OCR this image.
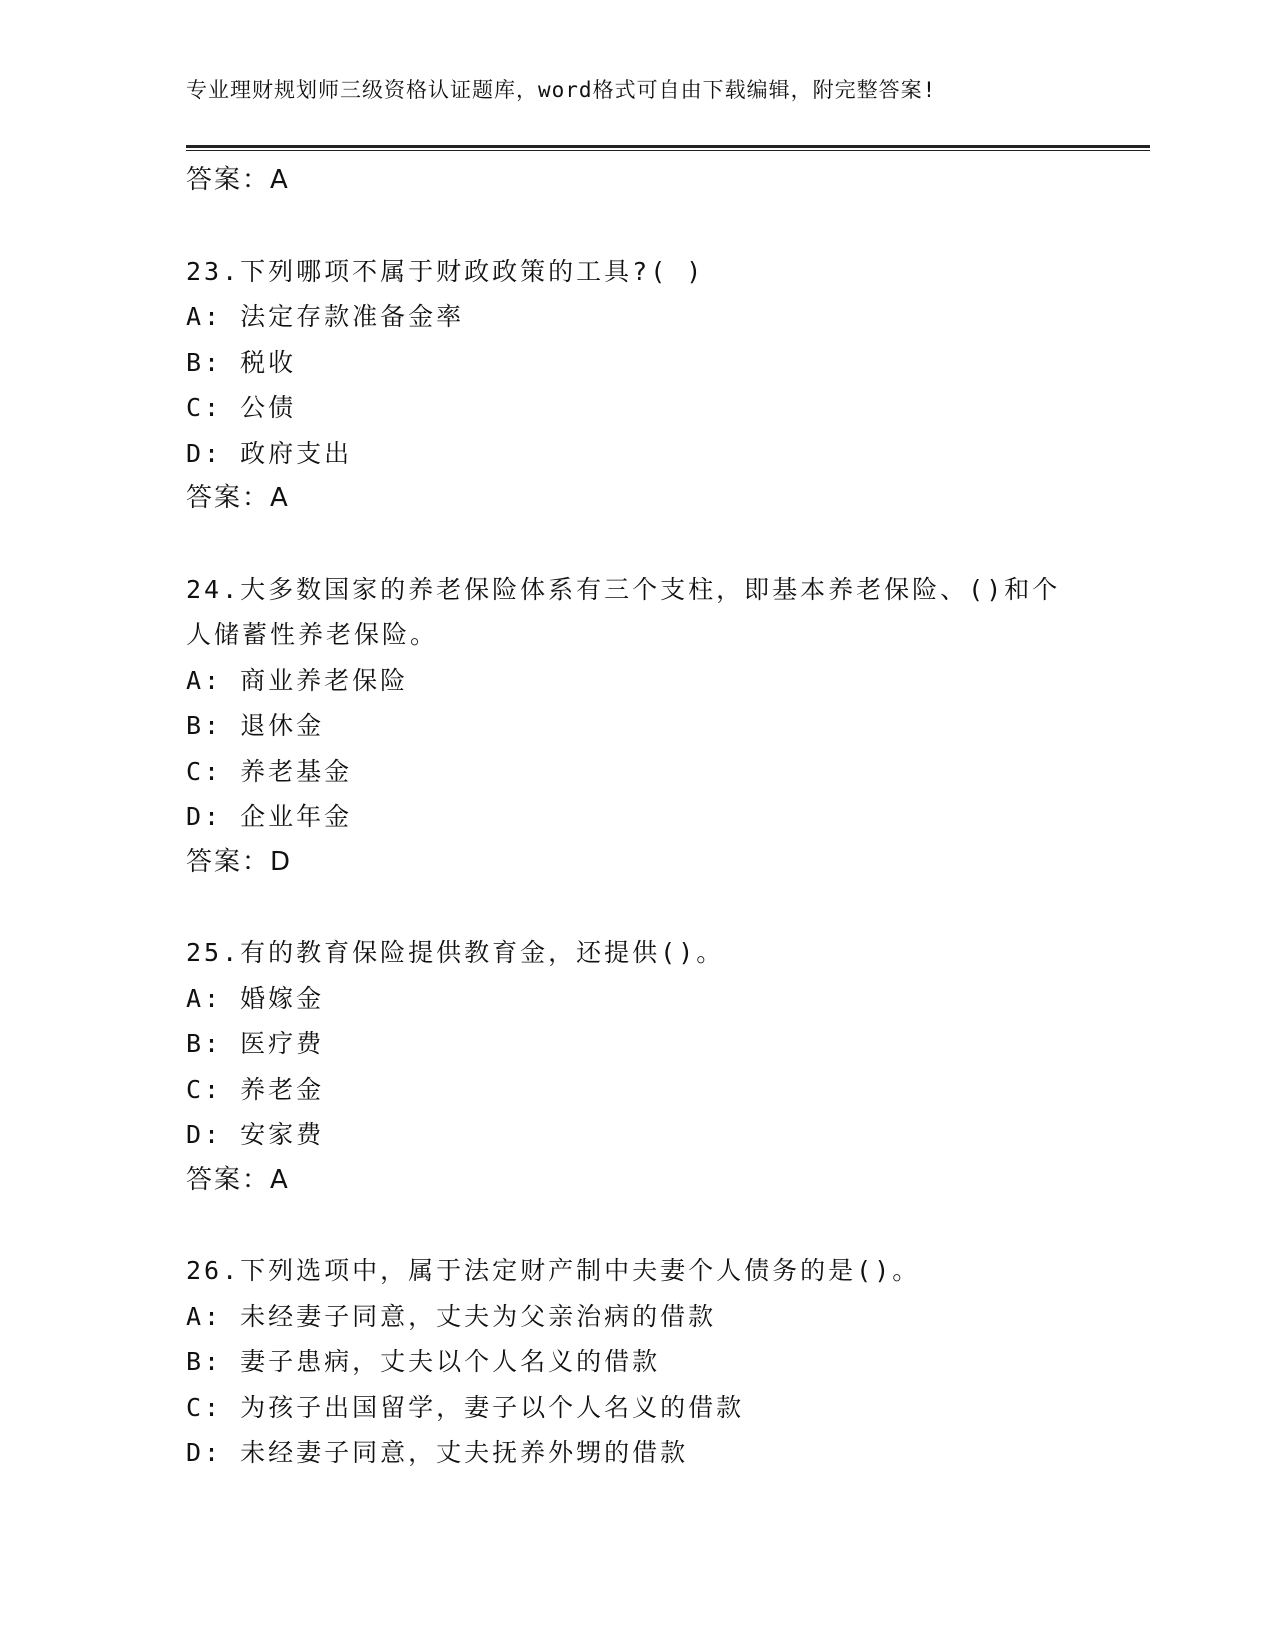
专业理财规划师三级资格认证题库，word格式可自由下载编辑，附完整答案!
答案：A
23.下列哪项不属于财政政策的工具?( )
A: 法定存款准备金率
B: 税收
C: 公债
D: 政府支出
答案：A
24.大多数国家的养老保险体系有三个支柱，即基本养老保险、()和个
人储蓄性养老保险。
A: 商业养老保险
B: 退休金
C: 养老基金
D: 企业年金
答案：D
25.有的教育保险提供教育金，还提供()。
A: 婚嫁金
B: 医疗费
C: 养老金
D: 安家费
答案：A
26.下列选项中，属于法定财产制中夫妻个人债务的是()。
A: 未经妻子同意，丈夫为父亲治病的借款
B: 妻子患病，丈夫以个人名义的借款
C: 为孩子出国留学，妻子以个人名义的借款
D: 未经妻子同意，丈夫抚养外甥的借款
